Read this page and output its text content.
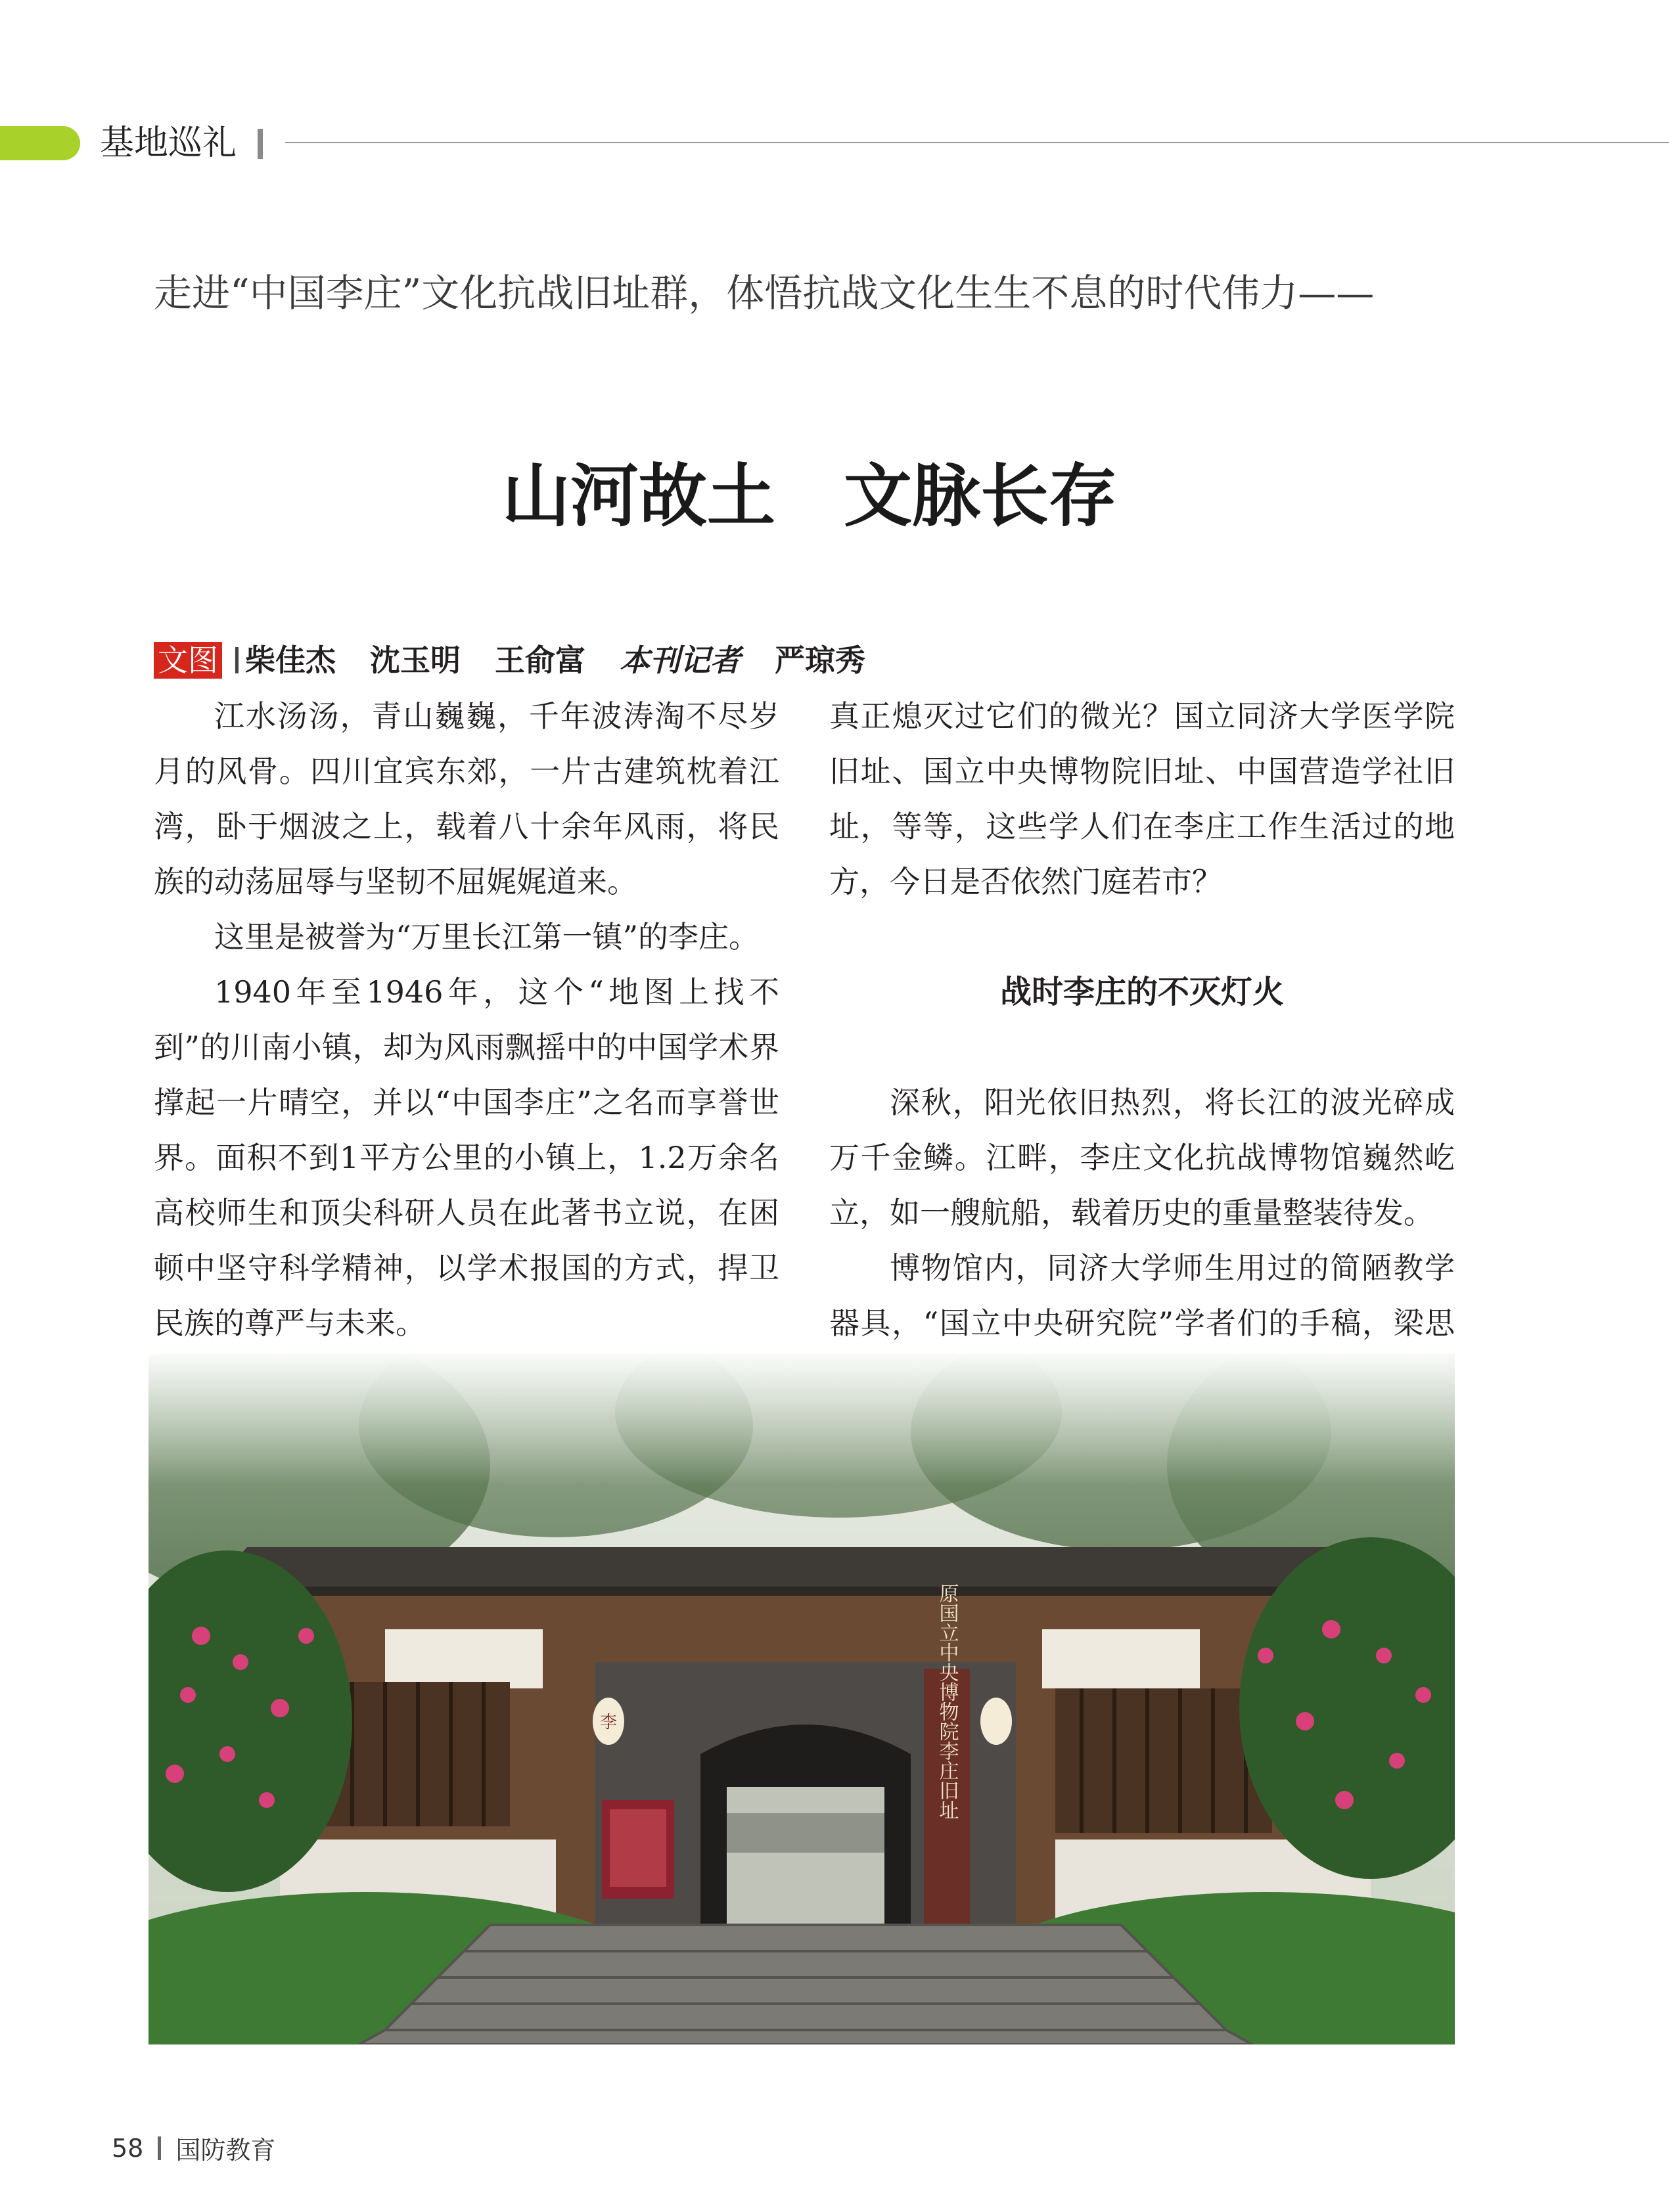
基地巡礼
走进“中国李庄”文化抗战旧址群，体悟抗战文化生生不息的时代伟力——
山河故土　文脉长存
文图 柴佳杰 沈玉明 王俞富 本刊记者 严琼秀

江水汤汤，青山巍巍，千年波涛淘不尽岁月的风骨。四川宜宾东郊，一片古建筑枕着江湾，卧于烟波之上，载着八十余年风雨，将民族的动荡屈辱与坚韧不屈娓娓道来。

这里是被誉为“万里长江第一镇”的李庄。

1940年至1946年，这个“地图上找不到”的川南小镇，却为风雨飘摇中的中国学术界撑起一片晴空，并以“中国李庄”之名而享誉世界。面积不到1平方公里的小镇上，1.2万余名高校师生和顶尖科研人员在此著书立说，在困顿中坚守科学精神，以学术报国的方式，捍卫民族的尊严与未来。

真正熄灭过它们的微光？国立同济大学医学院旧址、国立中央博物院旧址、中国营造学社旧址，等等，这些学人们在李庄工作生活过的地方，今日是否依然门庭若市？

战时李庄的不灭灯火

深秋，阳光依旧热烈，将长江的波光碎成万千金鳞。江畔，李庄文化抗战博物馆巍然屹立，如一艘航船，载着历史的重量整装待发。

博物馆内，同济大学师生用过的简陋教学器具，“国立中央研究院”学者们的手稿，梁思

原国立中央博物院李庄旧址
李
58 国防教育
